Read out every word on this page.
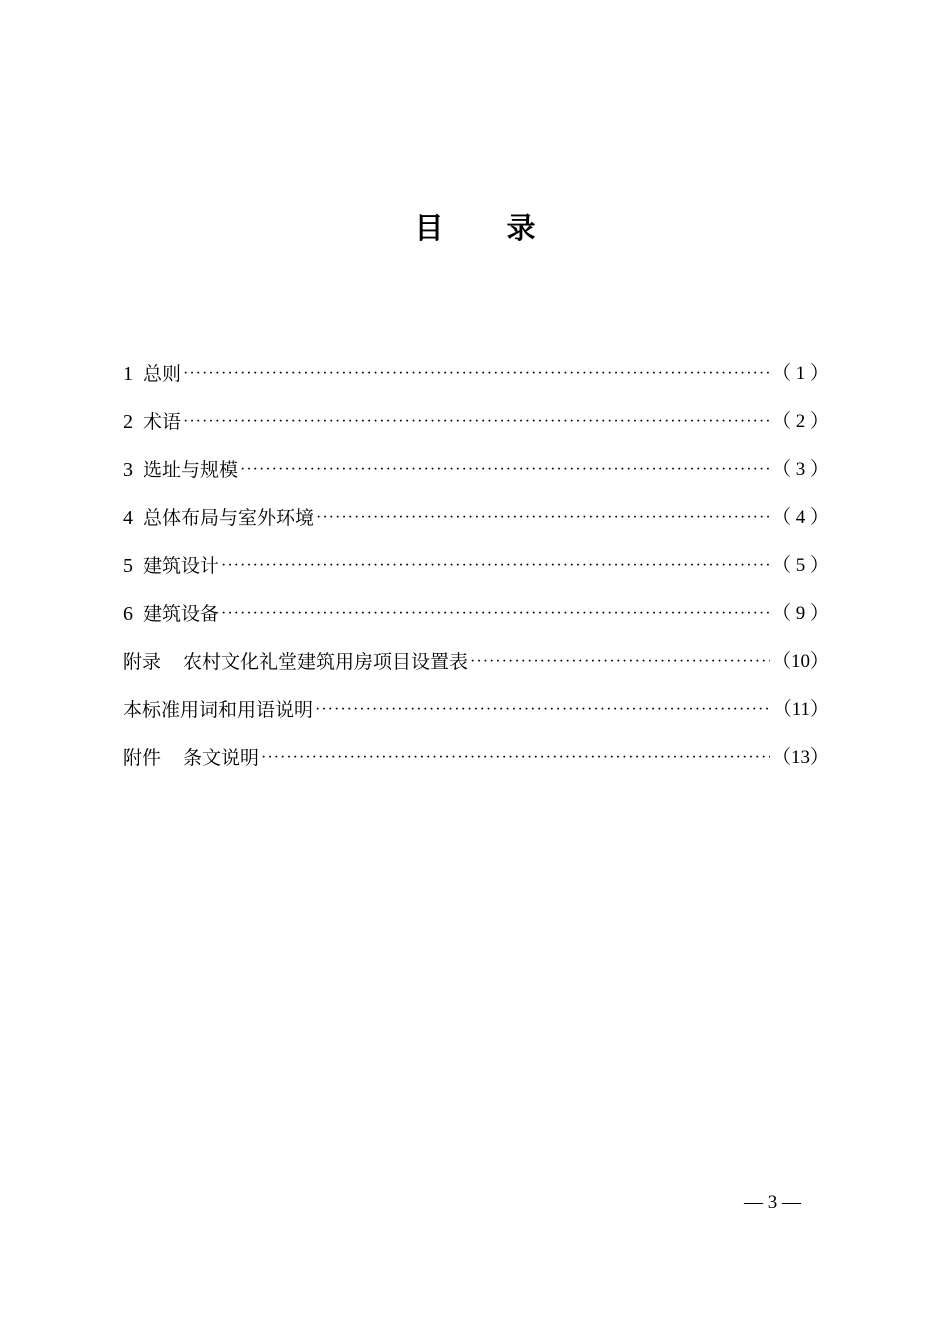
目 录
1 总则 ·····	（ 1 ）
2 术语 ·····	（ 2 ）
3 选址与规模 ·····	（ 3 ）
4 总体布局与室外环境 ·····	（ 4 ）
5 建筑设计 ·····	（ 5 ）
6 建筑设备 ·····	（ 9 ）
附录 农村文化礼堂建筑用房项目设置表 ·····	（10）
本标准用词和用语说明 ·····	（11）
附件 条文说明 ·····	（13）
— 3 —
